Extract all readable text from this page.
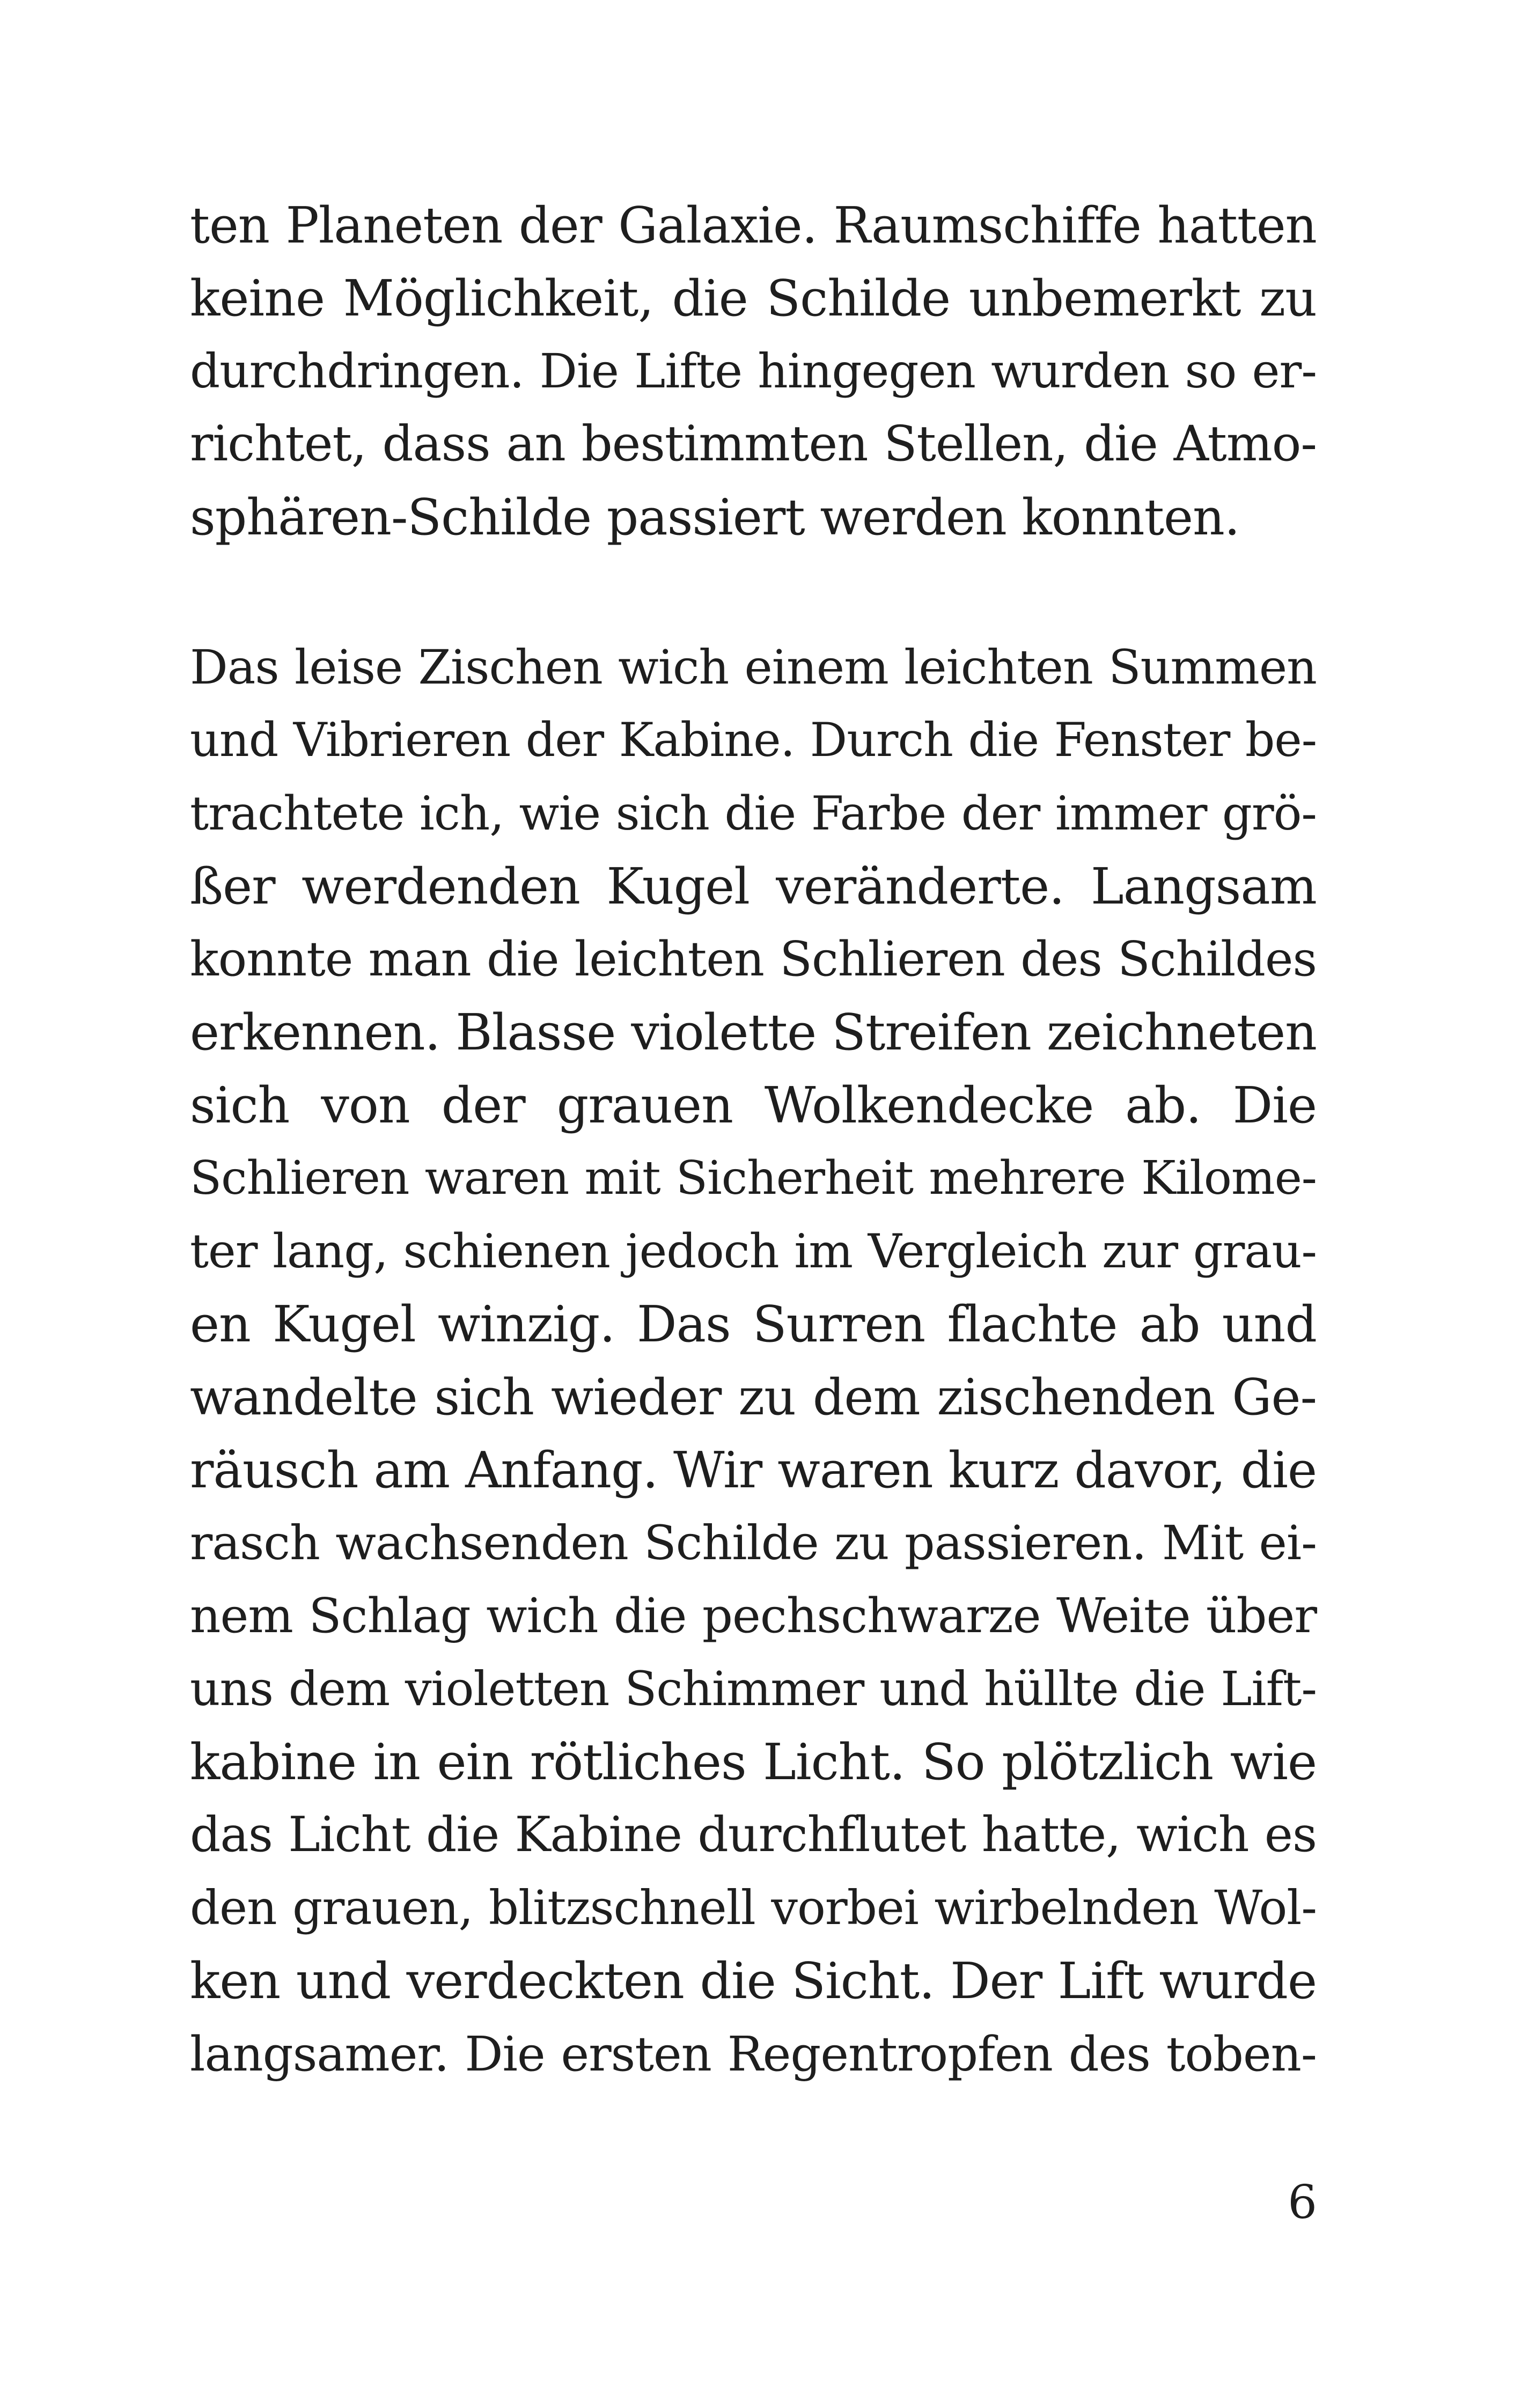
ten Planeten der Galaxie. Raumschiffe hatten
keine Möglichkeit, die Schilde unbemerkt zu
durchdringen. Die Lifte hingegen wurden so er-
richtet, dass an bestimmten Stellen, die Atmo-
sphären-Schilde passiert werden konnten.
Das leise Zischen wich einem leichten Summen
und Vibrieren der Kabine. Durch die Fenster be-
trachtete ich, wie sich die Farbe der immer grö-
ßer werdenden Kugel veränderte. Langsam
konnte man die leichten Schlieren des Schildes
erkennen. Blasse violette Streifen zeichneten
sich von der grauen Wolkendecke ab. Die
Schlieren waren mit Sicherheit mehrere Kilome-
ter lang, schienen jedoch im Vergleich zur grau-
en Kugel winzig. Das Surren flachte ab und
wandelte sich wieder zu dem zischenden Ge-
räusch am Anfang. Wir waren kurz davor, die
rasch wachsenden Schilde zu passieren. Mit ei-
nem Schlag wich die pechschwarze Weite über
uns dem violetten Schimmer und hüllte die Lift-
kabine in ein rötliches Licht. So plötzlich wie
das Licht die Kabine durchflutet hatte, wich es
den grauen, blitzschnell vorbei wirbelnden Wol-
ken und verdeckten die Sicht. Der Lift wurde
langsamer. Die ersten Regentropfen des toben-
6
